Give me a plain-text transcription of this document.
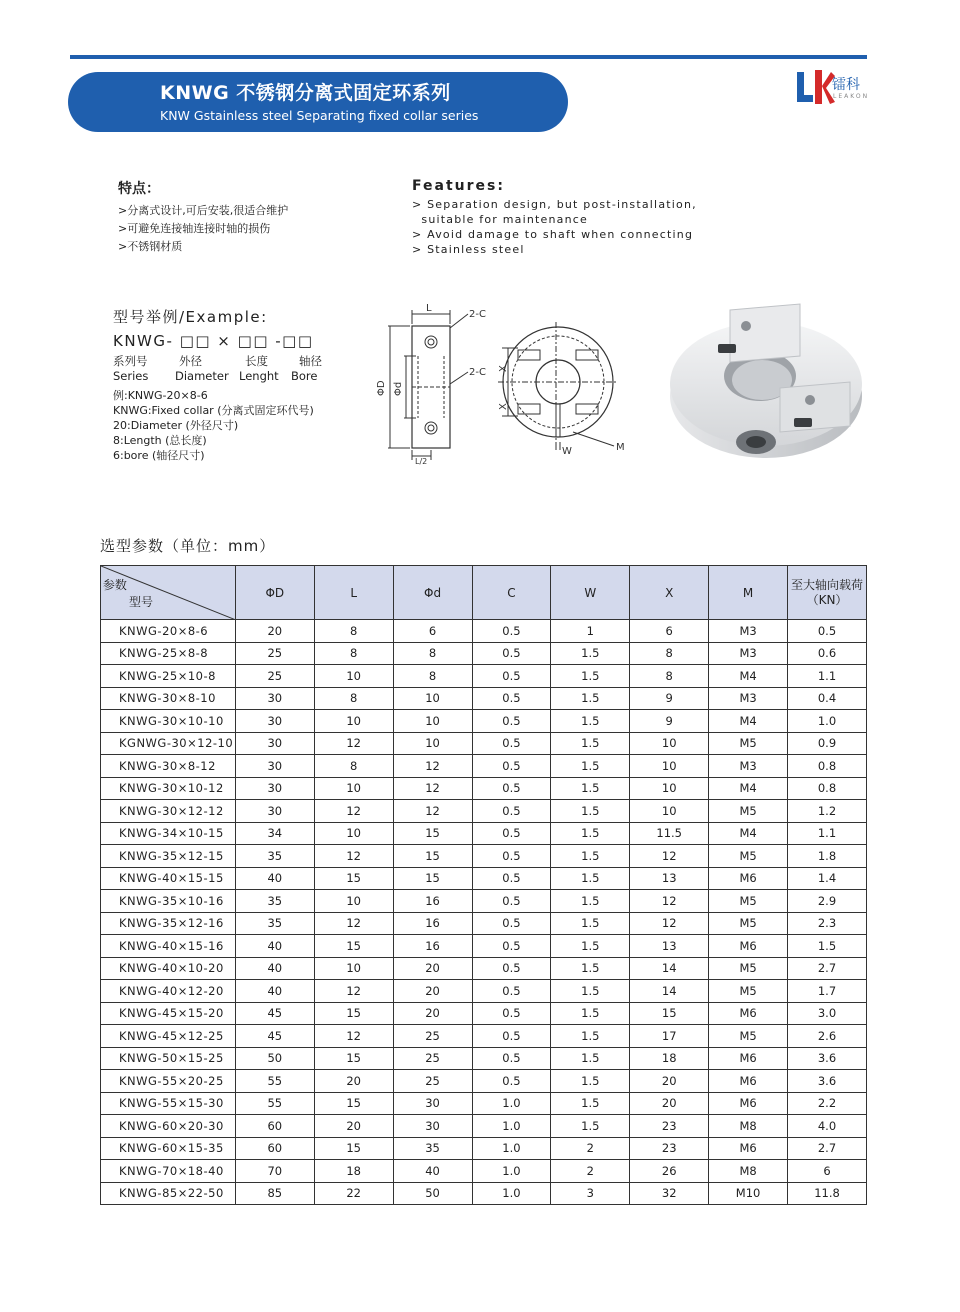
KNWG 不锈钢分离式固定环系列
KNW Gstainless steel Separating fixed collar series
镭科
LEAKON
特点：
>分离式设计,可后安装,很适合维护
>可避免连接轴连接时轴的损伤
>不锈钢材质
Features:
> Separation design, but post-installation,
suitable for maintenance
> Avoid damage to shaft when connecting
> Stainless steel
型号举例/Example:
KNWG- □□ × □□ -□□
系列号	外径	长度	轴径
Series Diameter Lenght Bore
例:KNWG-20×8-6
KNWG:Fixed collar (分离式固定环代号)
20:Diameter (外径尺寸)
8:Length (总长度)
6:bore (轴径尺寸)
L
L/2
2-C
2-C
ΦD Φd
X
X
W	M
选型参数（单位：mm）
参数
型号	ΦD	L	Φd	C	W	X	M	至大轴向载荷
（KN）

KNWG-20×8-6	20	8	6	0.5	1	6	M3	0.5
KNWG-25×8-8	25	8	8	0.5	1.5	8	M3	0.6
KNWG-25×10-8	25	10	8	0.5	1.5	8	M4	1.1
KNWG-30×8-10	30	8	10	0.5	1.5	9	M3	0.4
KNWG-30×10-10	30	10	10	0.5	1.5	9	M4	1.0
KGNWG-30×12-10	30	12	10	0.5	1.5	10	M5	0.9
KNWG-30×8-12	30	8	12	0.5	1.5	10	M3	0.8
KNWG-30×10-12	30	10	12	0.5	1.5	10	M4	0.8
KNWG-30×12-12	30	12	12	0.5	1.5	10	M5	1.2
KNWG-34×10-15	34	10	15	0.5	1.5	11.5	M4	1.1
KNWG-35×12-15	35	12	15	0.5	1.5	12	M5	1.8
KNWG-40×15-15	40	15	15	0.5	1.5	13	M6	1.4
KNWG-35×10-16	35	10	16	0.5	1.5	12	M5	2.9
KNWG-35×12-16	35	12	16	0.5	1.5	12	M5	2.3
KNWG-40×15-16	40	15	16	0.5	1.5	13	M6	1.5
KNWG-40×10-20	40	10	20	0.5	1.5	14	M5	2.7
KNWG-40×12-20	40	12	20	0.5	1.5	14	M5	1.7
KNWG-45×15-20	45	15	20	0.5	1.5	15	M6	3.0
KNWG-45×12-25	45	12	25	0.5	1.5	17	M5	2.6
KNWG-50×15-25	50	15	25	0.5	1.5	18	M6	3.6
KNWG-55×20-25	55	20	25	0.5	1.5	20	M6	3.6
KNWG-55×15-30	55	15	30	1.0	1.5	20	M6	2.2
KNWG-60×20-30	60	20	30	1.0	1.5	23	M8	4.0
KNWG-60×15-35	60	15	35	1.0	2	23	M6	2.7
KNWG-70×18-40	70	18	40	1.0	2	26	M8	6
KNWG-85×22-50	85	22	50	1.0	3	32	M10	11.8
